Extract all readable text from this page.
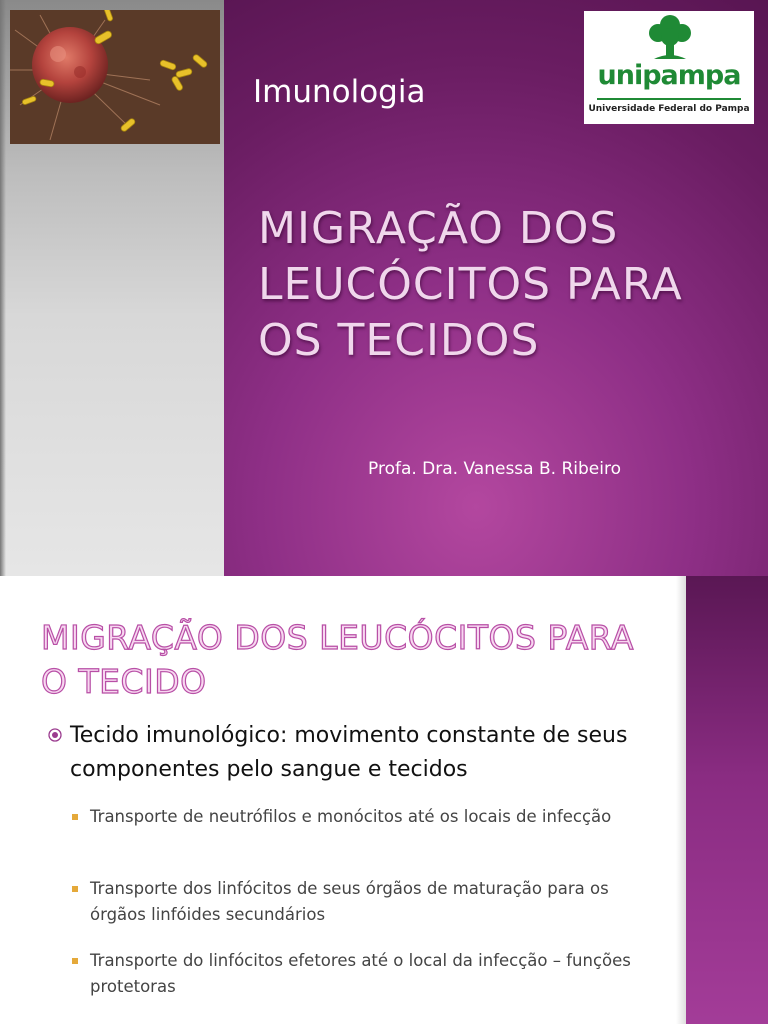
Imunologia
MIGRAÇÃO DOS LEUCÓCITOS PARA OS TECIDOS
Profa. Dra. Vanessa B. Ribeiro
unipampa
Universidade Federal do Pampa
MIGRAÇÃO DOS LEUCÓCITOS PARA O TECIDO
Tecido imunológico: movimento constante de seus componentes pelo sangue e tecidos
Transporte de neutrófilos e monócitos até os locais de infecção
Transporte dos linfócitos de seus órgãos de maturação para os órgãos linfóides secundários
Transporte do linfócitos efetores até o local da infecção – funções protetoras
